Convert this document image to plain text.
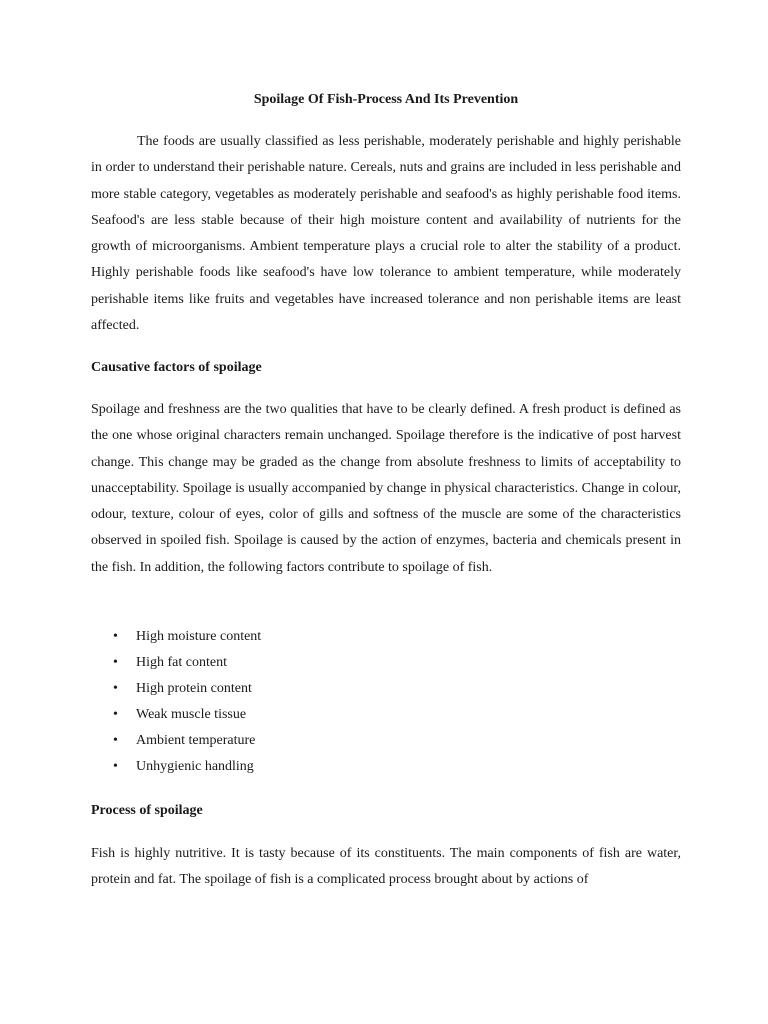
Spoilage Of Fish-Process And Its Prevention

The foods are usually classified as less perishable, moderately perishable and highly perishable in order to understand their perishable nature. Cereals, nuts and grains are included in less perishable and more stable category, vegetables as moderately perishable and seafood's as highly perishable food items. Seafood's are less stable because of their high moisture content and availability of nutrients for the growth of microorganisms. Ambient temperature plays a crucial role to alter the stability of a product. Highly perishable foods like seafood's have low tolerance to ambient temperature, while moderately perishable items like fruits and vegetables have increased tolerance and non perishable items are least affected.

Causative factors of spoilage

Spoilage and freshness are the two qualities that have to be clearly defined. A fresh product is defined as the one whose original characters remain unchanged. Spoilage therefore is the indicative of post harvest change. This change may be graded as the change from absolute freshness to limits of acceptability to unacceptability. Spoilage is usually accompanied by change in physical characteristics. Change in colour, odour, texture, colour of eyes, color of gills and softness of the muscle are some of the characteristics observed in spoiled fish. Spoilage is caused by the action of enzymes, bacteria and chemicals present in the fish. In addition, the following factors contribute to spoilage of fish.

• High moisture content
• High fat content
• High protein content
• Weak muscle tissue
• Ambient temperature
• Unhygienic handling
Process of spoilage

Fish is highly nutritive. It is tasty because of its constituents. The main components of fish are water, protein and fat. The spoilage of fish is a complicated process brought about by actions of
